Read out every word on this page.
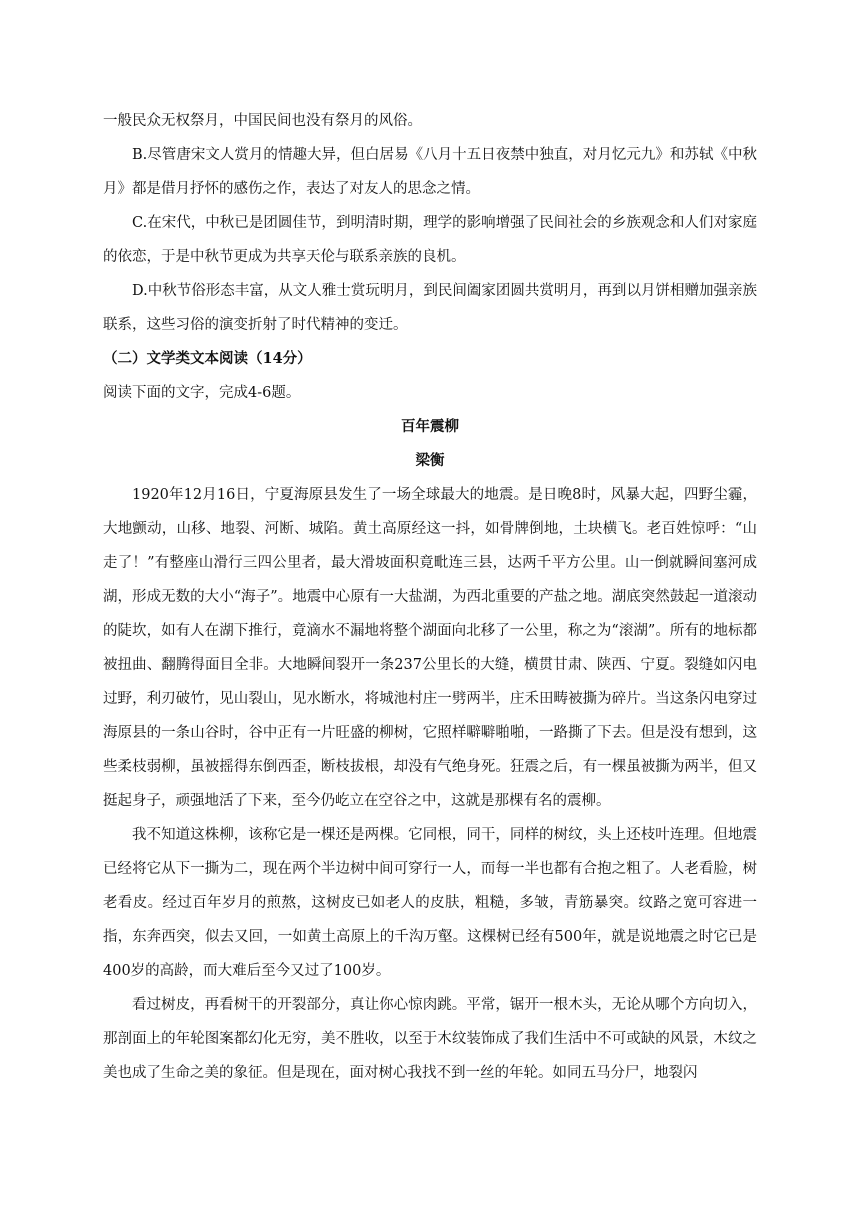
一般民众无权祭月，中国民间也没有祭月的风俗。

B.尽管唐宋文人赏月的情趣大异，但白居易《八月十五日夜禁中独直，对月忆元九》和苏轼《中秋月》都是借月抒怀的感伤之作，表达了对友人的思念之情。

C.在宋代，中秋已是团圆佳节，到明清时期，理学的影响增强了民间社会的乡族观念和人们对家庭的依恋，于是中秋节更成为共享天伦与联系亲族的良机。

D.中秋节俗形态丰富，从文人雅士赏玩明月，到民间阖家团圆共赏明月，再到以月饼相赠加强亲族联系，这些习俗的演变折射了时代精神的变迁。

（二）文学类文本阅读（14分）

阅读下面的文字，完成4-6题。

百年震柳

梁衡

1920年12月16日，宁夏海原县发生了一场全球最大的地震。是日晚8时，风暴大起，四野尘霾，大地颤动，山移、地裂、河断、城陷。黄土高原经这一抖，如骨牌倒地，土块横飞。老百姓惊呼：“山走了！”有整座山滑行三四公里者，最大滑坡面积竟毗连三县，达两千平方公里。山一倒就瞬间塞河成湖，形成无数的大小“海子”。地震中心原有一大盐湖，为西北重要的产盐之地。湖底突然鼓起一道滚动的陡坎，如有人在湖下推行，竟滴水不漏地将整个湖面向北移了一公里，称之为“滚湖”。所有的地标都被扭曲、翻腾得面目全非。大地瞬间裂开一条237公里长的大缝，横贯甘肃、陕西、宁夏。裂缝如闪电过野，利刃破竹，见山裂山，见水断水，将城池村庄一劈两半，庄禾田畴被撕为碎片。当这条闪电穿过海原县的一条山谷时，谷中正有一片旺盛的柳树，它照样噼噼啪啪，一路撕了下去。但是没有想到，这些柔枝弱柳，虽被摇得东倒西歪，断枝拔根，却没有气绝身死。狂震之后，有一棵虽被撕为两半，但又挺起身子，顽强地活了下来，至今仍屹立在空谷之中，这就是那棵有名的震柳。

我不知道这株柳，该称它是一棵还是两棵。它同根，同干，同样的树纹，头上还枝叶连理。但地震已经将它从下一撕为二，现在两个半边树中间可穿行一人，而每一半也都有合抱之粗了。人老看脸，树老看皮。经过百年岁月的煎熬，这树皮已如老人的皮肤，粗糙，多皱，青筋暴突。纹路之宽可容进一指，东奔西突，似去又回，一如黄土高原上的千沟万壑。这棵树已经有500年，就是说地震之时它已是400岁的高龄，而大难后至今又过了100岁。

看过树皮，再看树干的开裂部分，真让你心惊肉跳。平常，锯开一根木头，无论从哪个方向切入，那剖面上的年轮图案都幻化无穷，美不胜收，以至于木纹装饰成了我们生活中不可或缺的风景，木纹之美也成了生命之美的象征。但是现在，面对树心我找不到一丝的年轮。如同五马分尸，地裂闪
